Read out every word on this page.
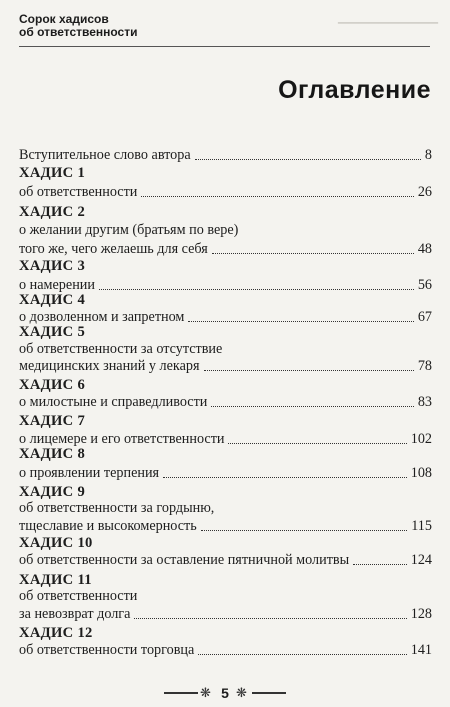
▔▔▔▔▔▔▔▔▔▔
Сорок хадисов
об ответственности
Оглавление
Вступительное слово автора	8
ХАДИС 1
об ответственности	26
ХАДИС 2
о желании другим (братьям по вере)
того же, чего желаешь для себя	48
ХАДИС 3
о намерении	56
ХАДИС 4
о дозволенном и запретном	67
ХАДИС 5
об ответственности за отсутствие
медицинских знаний у лекаря	78
ХАДИС 6
о милостыне и справедливости	83
ХАДИС 7
о лицемере и его ответственности	102
ХАДИС 8
о проявлении терпения	108
ХАДИС 9
об ответственности за гордыню,
тщеславие и высокомерность	115
ХАДИС 10
об ответственности за оставление пятничной молитвы	124
ХАДИС 11
об ответственности
за невозврат долга	128
ХАДИС 12
об ответственности торговца	141
❋ 5 ❋
